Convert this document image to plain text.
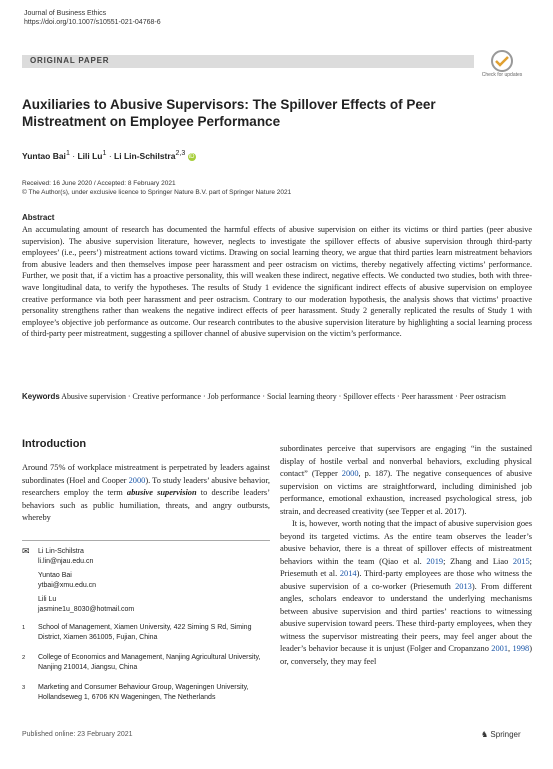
Journal of Business Ethics
https://doi.org/10.1007/s10551-021-04768-6
ORIGINAL PAPER
Check for updates
Auxiliaries to Abusive Supervisors: The Spillover Effects of Peer Mistreatment on Employee Performance
Yuntao Bai$^1$ · Lili $Lu^1 \cdot Li$ Lin-Schilstra$^{2,3}$ iD
Received: 16 June 2020 / Accepted: 8 February 2021
© The Author(s), under exclusive licence to Springer Nature B.V. part of Springer Nature 2021
Abstract
An accumulating amount of research has documented the harmful effects of abusive supervision on either its victims or third parties (peer abusive supervision). The abusive supervision literature, however, neglects to investigate the spillover effects of abusive supervision through third-party employees’ (i.e., peers’) mistreatment actions toward victims. Drawing on social learning theory, we argue that third parties learn mistreatment behaviors from abusive leaders and then themselves impose peer harassment and peer ostracism on victims, thereby negatively affecting victims’ performance. Further, we posit that, if a victim has a proactive personality, this will weaken these indirect, negative effects. We conducted two studies, both with three-wave longitudinal data, to verify the hypotheses. The results of Study 1 evidence the significant indirect effects of abusive supervision on employee creative performance via both peer harassment and peer ostracism. Contrary to our moderation hypothesis, the analysis shows that victims’ proactive personality strengthens rather than weakens the negative indirect effects of peer harassment. Study 2 generally replicated the results of Study 1 with employee’s objective job performance as outcome. Our research contributes to the abusive supervision literature by highlighting a social learning process of third-party peer mistreatment, suggesting a spillover channel of abusive supervision on the victim’s performance.
Keywords Abusive supervision · Creative performance · Job performance · Social learning theory · Spillover effects · Peer harassment · Peer ostracism
Introduction
Around 75% of workplace mistreatment is perpetrated by leaders against subordinates (Hoel and Cooper 2000). To study leaders’ abusive behavior, researchers employ the term abusive supervision to describe leaders’ behaviors such as public humiliation, threats, and angry outbursts, whereby
✉ Li Lin-Schilstra
li.lin@njau.edu.cn
Yuntao Bai
ytbai@xmu.edu.cn
Lili Lu
jasmine1u_8030@hotmail.com
1 School of Management, Xiamen University, 422 Siming S Rd, Siming District, Xiamen 361005, Fujian, China
2 College of Economics and Management, Nanjing Agricultural University, Nanjing 210014, Jiangsu, China
3 Marketing and Consumer Behaviour Group, Wageningen University, Hollandseweg 1, 6706 KN Wageningen, The Netherlands
subordinates perceive that supervisors are engaging “in the sustained display of hostile verbal and nonverbal behaviors, excluding physical contact” (Tepper 2000, p. 187). The negative consequences of abusive supervision on victims are straightforward, including diminished job performance, emotional exhaustion, increased psychological stress, job strain, and decreased creativity (see Tepper et al. 2017).
It is, however, worth noting that the impact of abusive supervision goes beyond its targeted victims. As the entire team observes the leader’s abusive behavior, there is a threat of spillover effects of mistreatment behaviors within the team (Qiao et al. 2019; Zhang and Liao 2015; Priesemuth et al. 2014). Third-party employees are those who witness the abusive supervision of a co-worker (Priesemuth 2013). From different angles, scholars endeavor to understand the underlying mechanisms between abusive supervision and third parties’ reactions to witnessing abusive supervision toward peers. These third-party employees, when they witness the supervisor mistreating their peers, may feel anger about the leader’s behavior because it is unjust (Folger and Cropanzano 2001, 1998) or, conversely, they may feel
Published online: 23 February 2021	♞ Springer
